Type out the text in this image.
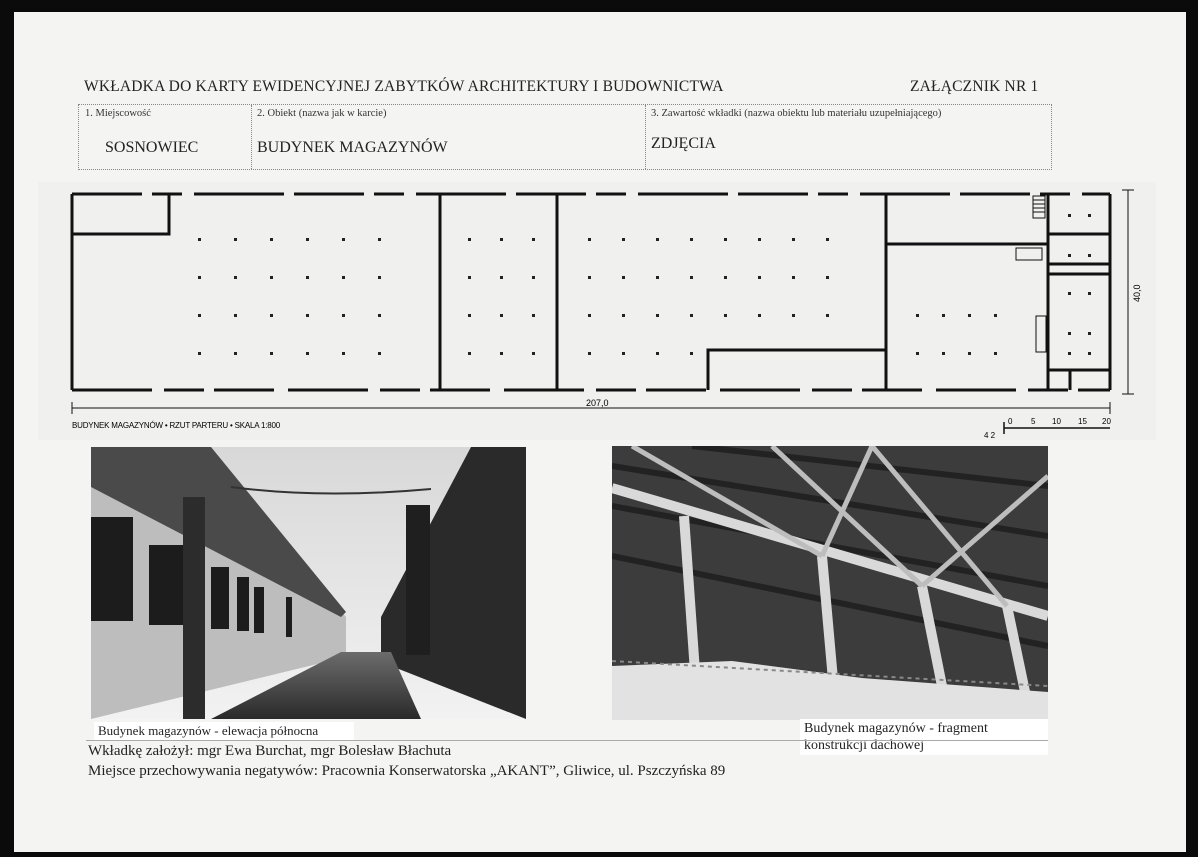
WKŁADKA DO KARTY EWIDENCYJNEJ ZABYTKÓW ARCHITEKTURY I BUDOWNICTWA	ZAŁĄCZNIK NR 1
1. Miejscowość
SOSNOWIEC
2. Obiekt (nazwa jak w karcie)
BUDYNEK MAGAZYNÓW
3. Zawartość wkładki (nazwa obiektu lub materiału uzupełniającego)
ZDJĘCIA
207,0
40,0
BUDYNEK MAGAZYNÓW • RZUT PARTERU • SKALA 1:800	0 5 10 15 20
4 2
Budynek magazynów - elewacja północna	Budynek magazynów - fragment konstrukcji dachowej
Wkładkę założył: mgr Ewa Burchat, mgr Bolesław Błachuta
Miejsce przechowywania negatywów: Pracownia Konserwatorska „AKANT”, Gliwice, ul. Pszczyńska 89
